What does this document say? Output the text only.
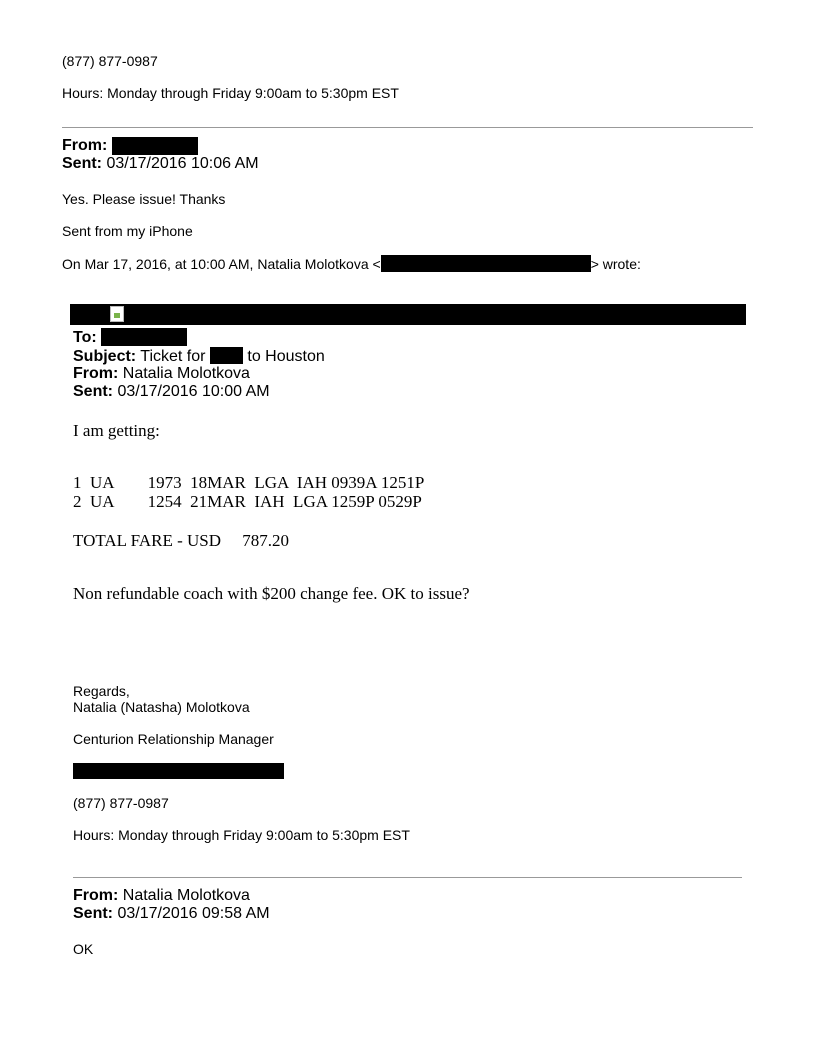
(877) 877-0987
Hours: Monday through Friday 9:00am to 5:30pm EST
From:
Sent: 03/17/2016 10:06 AM
Yes. Please issue! Thanks
Sent from my iPhone
On Mar 17, 2016, at 10:00 AM, Natalia Molotkova <	> wrote:
To:
Subject: Ticket for	to Houston
From: Natalia Molotkova
Sent: 03/17/2016 10:00 AM
I am getting:
1  UA        1973  18MAR  LGA  IAH 0939A 1251P
2  UA        1254  21MAR  IAH  LGA 1259P 0529P
TOTAL FARE - USD     787.20
Non refundable coach with $200 change fee. OK to issue?
Regards,
Natalia (Natasha) Molotkova
Centurion Relationship Manager
(877) 877-0987
Hours: Monday through Friday 9:00am to 5:30pm EST
From: Natalia Molotkova
Sent: 03/17/2016 09:58 AM
OK
